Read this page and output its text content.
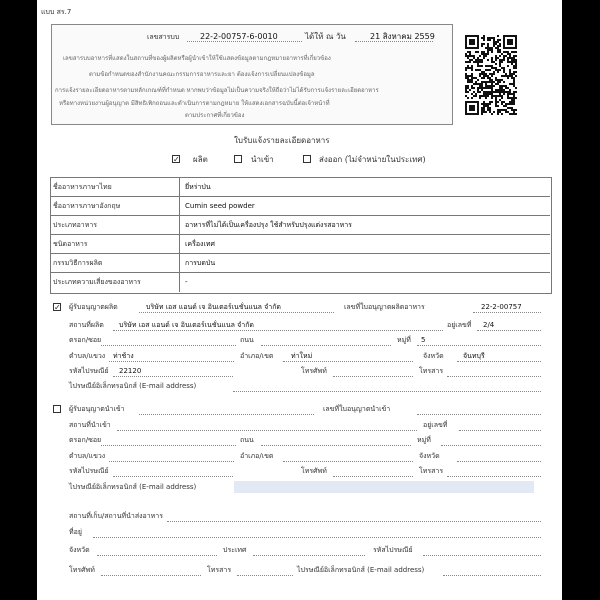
แบบ สร.7
เลขสารบบ	22-2-00757-6-0010	ได้ให้ ณ วัน	21 สิงหาคม 2559
เลขสารบบอาหารที่แสดงในสถานที่ของผู้ผลิตหรือผู้นำเข้าให้ใช้แสดงข้อมูลตามกฎหมายอาหารที่เกี่ยวข้อง
ตามข้อกำหนดของสำนักงานคณะกรรมการอาหารและยา ต้องแจ้งการเปลี่ยนแปลงข้อมูล
การแจ้งรายละเอียดอาหารตามหลักเกณฑ์ที่กำหนด หากพบว่าข้อมูลไม่เป็นความจริงให้ถือว่าไม่ได้รับการแจ้งรายละเอียดอาหาร
หรือทางหน่วยงานผู้อนุญาต มีสิทธิเพิกถอนและดำเนินการตามกฎหมาย ให้แสดงเอกสารฉบับนี้ต่อเจ้าหน้าที่
ตามประกาศที่เกี่ยวข้อง
ใบรับแจ้งรายละเอียดอาหาร
✓ ผลิต	นำเข้า	ส่งออก (ไม่จำหน่ายในประเทศ)
ชื่ออาหารภาษาไทย	ยี่หร่าป่น
ชื่ออาหารภาษาอังกฤษ	Cumin seed powder
ประเภทอาหาร	อาหารที่ไม่ได้เป็นเครื่องปรุง ใช้สำหรับปรุงแต่งรสอาหาร
ชนิดอาหาร	เครื่องเทศ
กรรมวิธีการผลิต	การบดป่น
ประเภทความเสี่ยงของอาหาร	-
✓ ผู้รับอนุญาตผลิต	บริษัท เอส แอนด์ เจ อินเตอร์เนชั่นแนล จำกัด	เลขที่ใบอนุญาตผลิตอาหาร	22-2-00757
สถานที่ผลิต บริษัท เอส แอนด์ เจ อินเตอร์เนชั่นแนล จำกัด	อยู่เลขที่ 2/4
ตรอก/ซอย	ถนน	หมู่ที่ 5
ตำบล/แขวง ท่าช้าง	อำเภอ/เขต	ท่าใหม่	จังหวัด	จันทบุรี
รหัสไปรษณีย์ 22120	โทรศัพท์	โทรสาร
ไปรษณีย์อิเล็กทรอนิกส์ (E-mail address)
ผู้รับอนุญาตนำเข้า	เลขที่ใบอนุญาตนำเข้า
สถานที่นำเข้า	อยู่เลขที่
ตรอก/ซอย	ถนน	หมู่ที่
ตำบล/แขวง	อำเภอ/เขต	จังหวัด
รหัสไปรษณีย์	โทรศัพท์	โทรสาร
ไปรษณีย์อิเล็กทรอนิกส์ (E-mail address)
สถานที่เก็บ/สถานที่นำส่งอาหาร
ที่อยู่
จังหวัด	ประเทศ	รหัสไปรษณีย์
โทรศัพท์	โทรสาร	ไปรษณีย์อิเล็กทรอนิกส์ (E-mail address)
